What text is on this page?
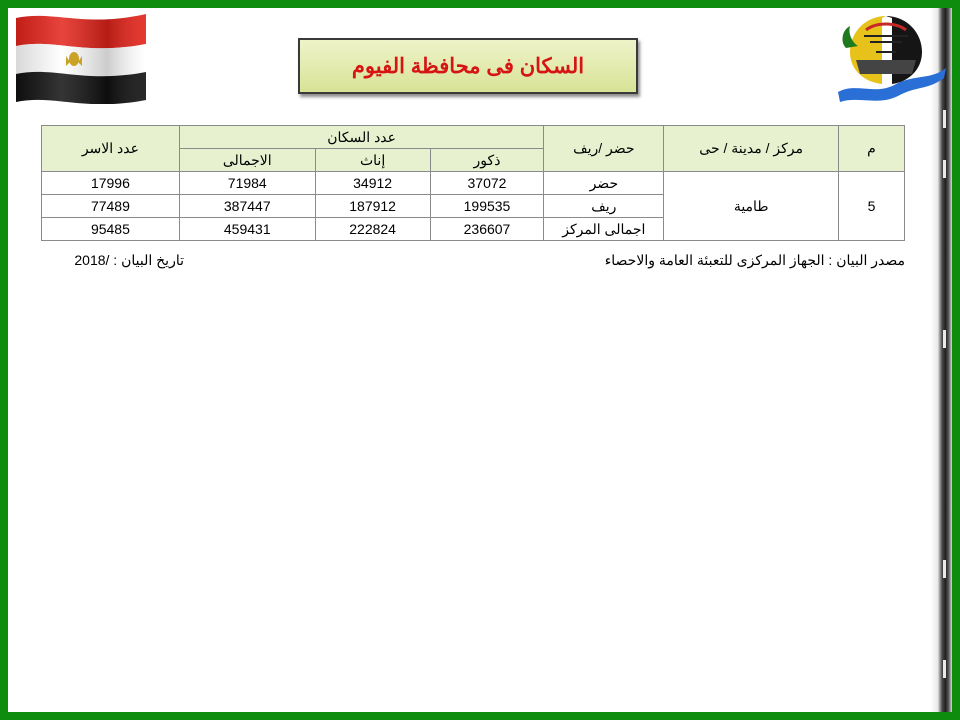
السكان فى محافظة الفيوم
عدد الاسر	عدد السكان			حضر /ريف	مركز / مدينة / حى	م
	الاجمالى	إناث	ذكور			
17996	71984	34912	37072	حضر	طامية	5
77489	387447	187912	199535	ريف		
95485	459431	222824	236607	اجمالى المركز		
مصدر البيان : الجهاز المركزى للتعبئة العامة والاحصاء
تاريخ البيان : /2018
